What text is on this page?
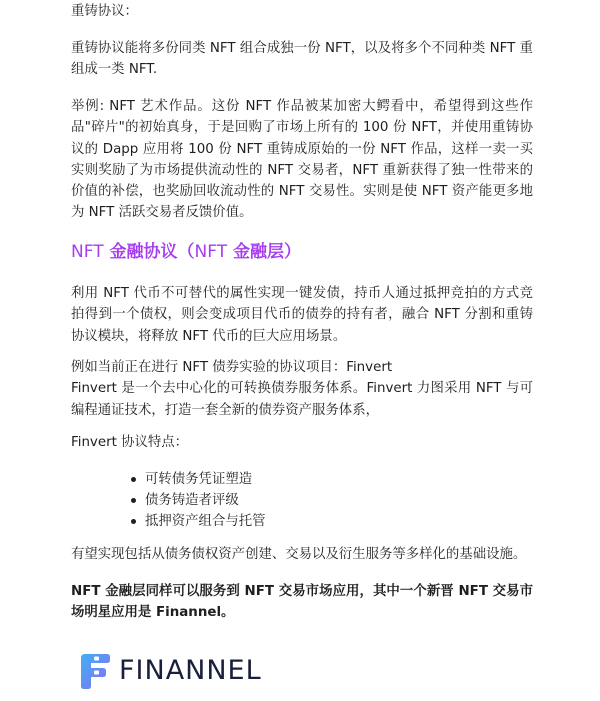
重铸协议：

重铸协议能将多份同类 NFT 组合成独一份 NFT，以及将多个不同种类 NFT 重组成一类 NFT.

举例: NFT 艺术作品。这份 NFT 作品被某加密大鳄看中，希望得到这些作品"碎片"的初始真身，于是回购了市场上所有的 100 份 NFT，并使用重铸协议的 Dapp 应用将 100 份 NFT 重铸成原始的一份 NFT 作品，这样一卖一买实则奖励了为市场提供流动性的 NFT 交易者，NFT 重新获得了独一性带来的价值的补偿，也奖励回收流动性的 NFT 交易性。实则是使 NFT 资产能更多地为 NFT 活跃交易者反馈价值。

NFT 金融协议（NFT 金融层）

利用 NFT 代币不可替代的属性实现一键发债，持币人通过抵押竞拍的方式竞拍得到一个债权，则会变成项目代币的债券的持有者，融合 NFT 分割和重铸协议模块，将释放 NFT 代币的巨大应用场景。

例如当前正在进行 NFT 债券实验的协议项目：Finvert
Finvert 是一个去中心化的可转换债券服务体系。Finvert 力图采用 NFT 与可编程通证技术，打造一套全新的债券资产服务体系，

Finvert 协议特点：

可转债务凭证塑造
债务铸造者评级
抵押资产组合与托管

有望实现包括从债务债权资产创建、交易以及衍生服务等多样化的基础设施。

NFT 金融层同样可以服务到 NFT 交易市场应用，其中一个新晋 NFT 交易市场明星应用是 Finannel。

FINANNEL
